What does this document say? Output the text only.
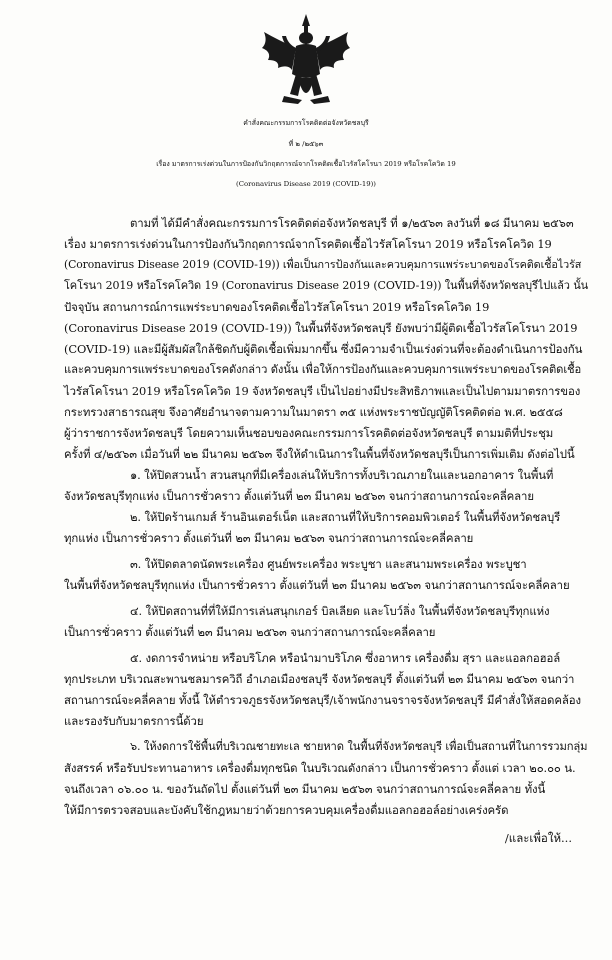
คำสั่งคณะกรรมการโรคติดต่อจังหวัดชลบุรี
ที่ ๒ /๒๕๖๓
เรื่อง มาตรการเร่งด่วนในการป้องกันวิกฤตการณ์จากโรคติดเชื้อไวรัสโคโรนา 2019 หรือโรคโควิด 19
(Coronavirus Disease 2019 (COVID-19))
ตามที่ ได้มีคำสั่งคณะกรรมการโรคติดต่อจังหวัดชลบุรี ที่ ๑/๒๕๖๓ ลงวันที่ ๑๘ มีนาคม ๒๕๖๓
เรื่อง มาตรการเร่งด่วนในการป้องกันวิกฤตการณ์จากโรคติดเชื้อไวรัสโคโรนา 2019 หรือโรคโควิด 19
(Coronavirus Disease 2019 (COVID-19)) เพื่อเป็นการป้องกันและควบคุมการแพร่ระบาดของโรคติดเชื้อไวรัส
โคโรนา 2019 หรือโรคโควิด 19 (Coronavirus Disease 2019 (COVID-19)) ในพื้นที่จังหวัดชลบุรีไปแล้ว นั้น
ปัจจุบัน สถานการณ์การแพร่ระบาดของโรคติดเชื้อไวรัสโคโรนา 2019 หรือโรคโควิด 19
(Coronavirus Disease 2019 (COVID-19)) ในพื้นที่จังหวัดชลบุรี ยังพบว่ามีผู้ติดเชื้อไวรัสโคโรนา 2019
(COVID-19) และมีผู้สัมผัสใกล้ชิดกับผู้ติดเชื้อเพิ่มมากขึ้น ซึ่งมีความจำเป็นเร่งด่วนที่จะต้องดำเนินการป้องกัน
และควบคุมการแพร่ระบาดของโรคดังกล่าว ดังนั้น เพื่อให้การป้องกันและควบคุมการแพร่ระบาดของโรคติดเชื้อ
ไวรัสโคโรนา 2019 หรือโรคโควิด 19 จังหวัดชลบุรี เป็นไปอย่างมีประสิทธิภาพและเป็นไปตามมาตรการของ
กระทรวงสาธารณสุข จึงอาศัยอำนาจตามความในมาตรา ๓๕ แห่งพระราชบัญญัติโรคติดต่อ พ.ศ. ๒๕๕๘
ผู้ว่าราชการจังหวัดชลบุรี โดยความเห็นชอบของคณะกรรมการโรคติดต่อจังหวัดชลบุรี ตามมติที่ประชุม
ครั้งที่ ๔/๒๕๖๓ เมื่อวันที่ ๒๒ มีนาคม ๒๕๖๓ จึงให้ดำเนินการในพื้นที่จังหวัดชลบุรีเป็นการเพิ่มเติม ดังต่อไปนี้
๑. ให้ปิดสวนน้ำ สวนสนุกที่มีเครื่องเล่นให้บริการทั้งบริเวณภายในและนอกอาคาร ในพื้นที่
จังหวัดชลบุรีทุกแห่ง เป็นการชั่วคราว ตั้งแต่วันที่ ๒๓ มีนาคม ๒๕๖๓ จนกว่าสถานการณ์จะคลี่คลาย
๒. ให้ปิดร้านเกมส์ ร้านอินเตอร์เน็ต และสถานที่ให้บริการคอมพิวเตอร์ ในพื้นที่จังหวัดชลบุรี
ทุกแห่ง เป็นการชั่วคราว ตั้งแต่วันที่ ๒๓ มีนาคม ๒๕๖๓ จนกว่าสถานการณ์จะคลี่คลาย
๓. ให้ปิดตลาดนัดพระเครื่อง ศูนย์พระเครื่อง พระบูชา และสนามพระเครื่อง พระบูชา
ในพื้นที่จังหวัดชลบุรีทุกแห่ง เป็นการชั่วคราว ตั้งแต่วันที่ ๒๓ มีนาคม ๒๕๖๓ จนกว่าสถานการณ์จะคลี่คลาย
๔. ให้ปิดสถานที่ที่ให้มีการเล่นสนุกเกอร์ บิลเลียด และโบว์ลิ่ง ในพื้นที่จังหวัดชลบุรีทุกแห่ง
เป็นการชั่วคราว ตั้งแต่วันที่ ๒๓ มีนาคม ๒๕๖๓ จนกว่าสถานการณ์จะคลี่คลาย
๕. งดการจำหน่าย หรือบริโภค หรือนำมาบริโภค ซึ่งอาหาร เครื่องดื่ม สุรา และแอลกอฮอล์
ทุกประเภท บริเวณสะพานชลมารควิถี อำเภอเมืองชลบุรี จังหวัดชลบุรี ตั้งแต่วันที่ ๒๓ มีนาคม ๒๕๖๓ จนกว่า
สถานการณ์จะคลี่คลาย ทั้งนี้ ให้ตำรวจภูธรจังหวัดชลบุรี/เจ้าพนักงานจราจรจังหวัดชลบุรี มีคำสั่งให้สอดคล้อง
และรองรับกับมาตรการนี้ด้วย
๖. ให้งดการใช้พื้นที่บริเวณชายทะเล ชายหาด ในพื้นที่จังหวัดชลบุรี เพื่อเป็นสถานที่ในการรวมกลุ่ม
สังสรรค์ หรือรับประทานอาหาร เครื่องดื่มทุกชนิด ในบริเวณดังกล่าว เป็นการชั่วคราว ตั้งแต่ เวลา ๒๐.๐๐ น.
จนถึงเวลา ๐๖.๐๐ น. ของวันถัดไป ตั้งแต่วันที่ ๒๓ มีนาคม ๒๕๖๓ จนกว่าสถานการณ์จะคลี่คลาย ทั้งนี้
ให้มีการตรวจสอบและบังคับใช้กฎหมายว่าด้วยการควบคุมเครื่องดื่มแอลกอฮอล์อย่างเคร่งครัด
/และเพื่อให้...
